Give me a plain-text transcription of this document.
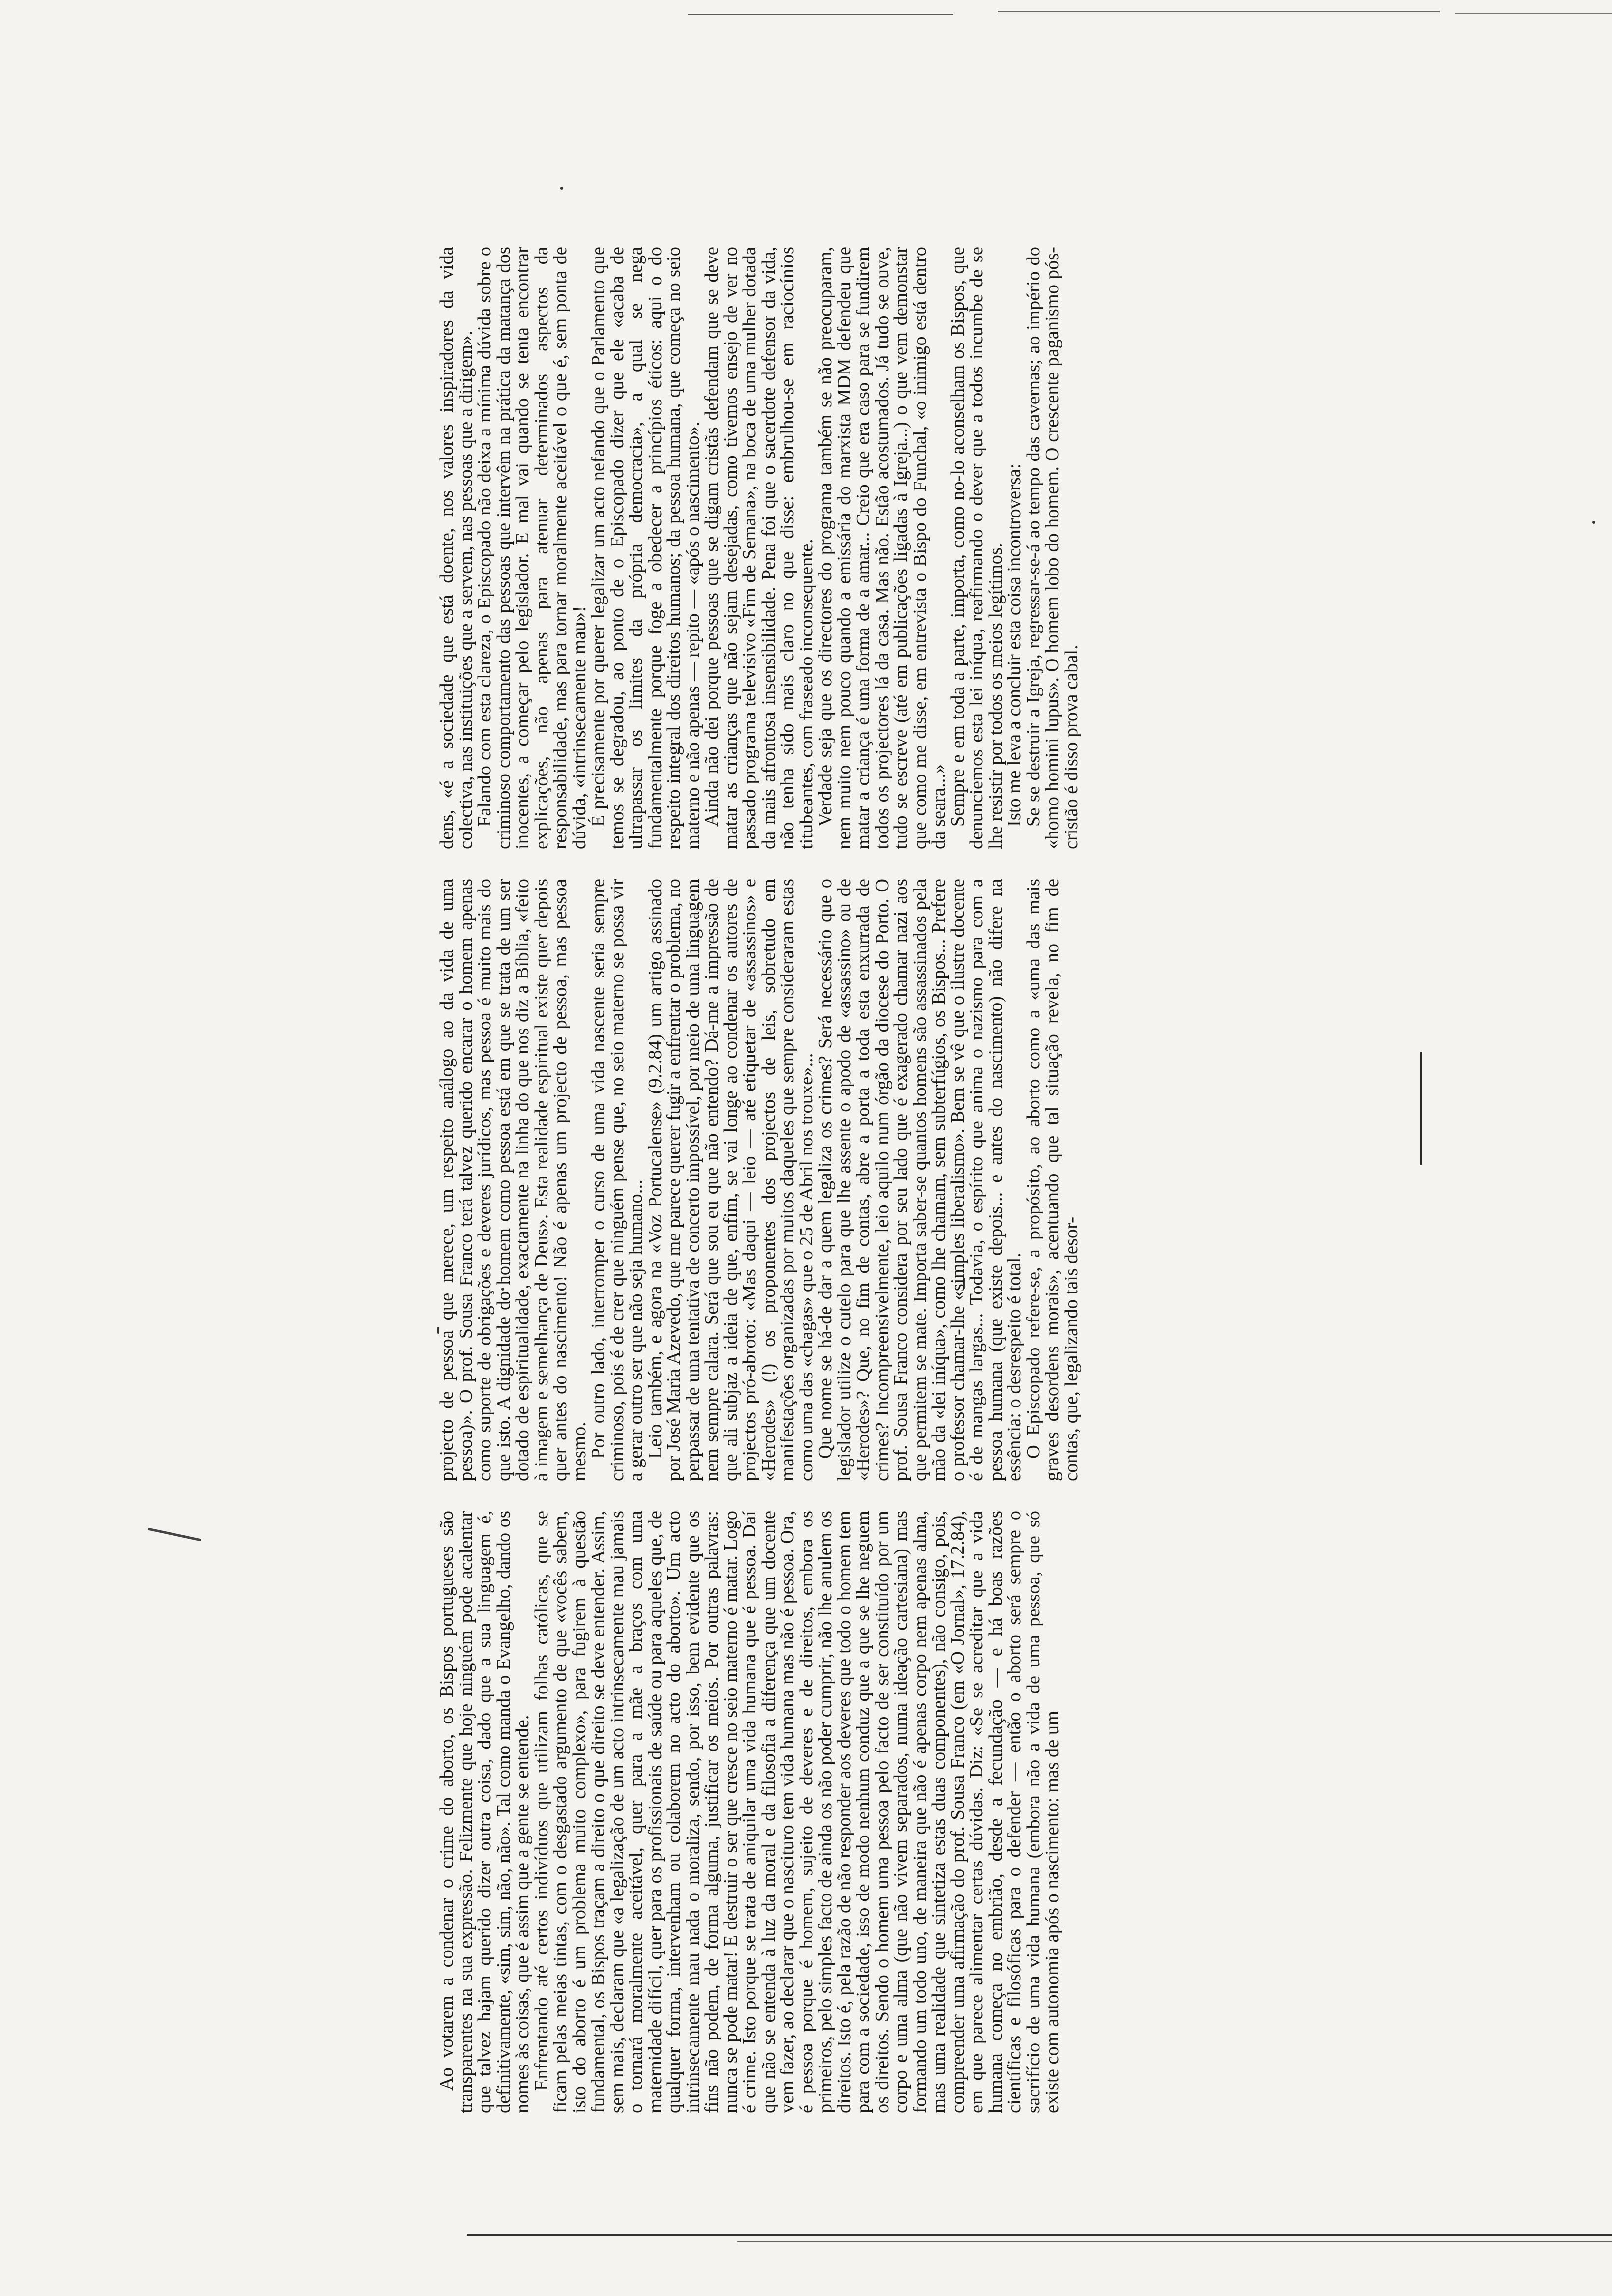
Ao votarem a condenar o crime do aborto, os Bispos portugueses são transparentes na sua expressão. Felizmente que hoje ninguém pode acalentar que talvez hajam querido dizer outra coisa, dado que a sua linguagem é, definitivamente, «sim, sim, não, não». Tal como manda o Evangelho, dando os nomes às coisas, que é assim que a gente se entende.

Enfrentando até certos indivíduos que utilizam folhas católicas, que se ficam pelas meias tintas, com o desgastado argumento de que «vocês sabem, isto do aborto é um problema muito complexo», para fugirem à questão fundamental, os Bispos traçam a direito o que direito se deve entender. Assim, sem mais, declaram que «a legalização de um acto intrinsecamente mau jamais o tornará moralmente aceitável, quer para a mãe a braços com uma maternidade difícil, quer para os profissionais de saúde ou para aqueles que, de qualquer forma, intervenham ou colaborem no acto do aborto». Um acto intrinsecamente mau nada o moraliza, sendo, por isso, bem evidente que os fins não podem, de forma alguma, justificar os meios. Por outras palavras: nunca se pode matar! E destruir o ser que cresce no seio materno é matar. Logo é crime. Isto porque se trata de aniquilar uma vida humana que é pessoa. Daí que não se entenda à luz da moral e da filosofia a diferença que um docente vem fazer, ao declarar que o nascituro tem vida humana mas não é pessoa. Ora, é pessoa porque é homem, sujeito de deveres e de direitos, embora os primeiros, pelo simples facto de ainda os não poder cumprir, não lhe anulem os direitos. Isto é, pela razão de não responder aos deveres que todo o homem tem para com a sociedade, isso de modo nenhum conduz que a que se lhe neguem os direitos. Sendo o homem uma pessoa pelo facto de ser constituído por um corpo e uma alma (que não vivem separados, numa ideação cartesiana) mas formando um todo uno, de maneira que não é apenas corpo nem apenas alma, mas uma realidade que sintetiza estas duas componentes), não consigo, pois, compreender uma afirmação do prof. Sousa Franco (em «O Jornal», 17.2.84), em que parece alimentar certas dúvidas. Diz: «Se se acreditar que a vida humana começa no embrião, desde a fecundação — e há boas razões científicas e filosóficas para o defender — então o aborto será sempre o sacrifício de uma vida humana (embora não a vida de uma pessoa, que só existe com autonomia após o nascimento: mas de um

projecto de pessoa que merece, um respeito análogo ao da vida de uma pessoa)». O prof. Sousa Franco terá talvez querido encarar o homem apenas como suporte de obrigações e deveres jurídicos, mas pessoa é muito mais do que isto. A dignidade do homem como pessoa está em que se trata de um ser dotado de espiritualidade, exactamente na linha do que nos diz a Bíblia, «feito à imagem e semelhança de Deus». Esta realidade espiritual existe quer depois quer antes do nascimento! Não é apenas um projecto de pessoa, mas pessoa mesmo.

Por outro lado, interromper o curso de uma vida nascente seria sempre criminoso, pois é de crer que ninguém pense que, no seio materno se possa vir a gerar outro ser que não seja humano...

Leio também, e agora na «Voz Portucalense» (9.2.84) um artigo assinado por José Maria Azevedo, que me parece querer fugir a enfrentar o problema, no perpassar de uma tentativa de concerto impossível, por meio de uma linguagem nem sempre calara. Será que sou eu que não entendo? Dá-me a impressão de que ali subjaz a ideia de que, enfim, se vai longe ao condenar os autores de projectos pró-abroto: «Mas daqui — leio — até etiquetar de «assassinos» e «Herodes» (!) os proponentes dos projectos de leis, sobretudo em manifestações organizadas por muitos daqueles que sempre consideraram estas como uma das «chagas» que o 25 de Abril nos trouxe»...

Que nome se há-de dar a quem legaliza os crimes? Será necessário que o legislador utilize o cutelo para que lhe assente o apodo de «assassino» ou de «Herodes»? Que, no fim de contas, abre a porta a toda esta enxurrada de crimes? Incompreensivelmente, leio aquilo num órgão da diocese do Porto. O prof. Sousa Franco considera por seu lado que é exagerado chamar nazi aos que permitem se mate. Importa saber-se quantos homens são assassinados pela mão da «lei iníqua», como lhe chamam, sem subterfúgios, os Bispos... Prefere o professor chamar-lhe «simples liberalismo». Bem se vê que o ilustre docente é de mangas largas... Todavia, o espírito que anima o nazismo para com a pessoa humana (que existe depois... e antes do nascimento) não difere na essência: o desrespeito é total.

O Episcopado refere-se, a propósito, ao aborto como a «uma das mais graves desordens morais», acentuando que tal situação revela, no fim de contas, que, legalizando tais desor-

dens, «é a sociedade que está doente, nos valores inspiradores da vida colectiva, nas instituições que a servem, nas pessoas que a dirigem».

Falando com esta clareza, o Episcopado não deixa a mínima dúvida sobre o criminoso comportamento das pessoas que intervêm na prática da matança dos inocentes, a começar pelo legislador. E mal vai quando se tenta encontrar explicações, não apenas para atenuar determinados aspectos da responsabilidade, mas para tornar moralmente aceitável o que é, sem ponta de dúvida, «intrinsecamente mau»!

É precisamente por querer legalizar um acto nefando que o Parlamento que temos se degradou, ao ponto de o Episcopado dizer que ele «acaba de ultrapassar os limites da própria democracia», a qual se nega fundamentalmente porque foge a obedecer a princípios éticos: aqui o do respeito integral dos direitos humanos; da pessoa humana, que começa no seio materno e não apenas — repito — «após o nascimento».

Ainda não dei porque pessoas que se digam cristãs defendam que se deve matar as crianças que não sejam desejadas, como tivemos ensejo de ver no passado programa televisivo «Fim de Semana», na boca de uma mulher dotada da mais afrontosa insensibilidade. Pena foi que o sacerdote defensor da vida, não tenha sido mais claro no que disse: embrulhou-se em raciocínios titubeantes, com fraseado inconsequente.

Verdade seja que os directores do programa também se não preocuparam, nem muito nem pouco quando a emissária do marxista MDM defendeu que matar a criança é uma forma de a amar... Creio que era caso para se fundirem todos os projectores lá da casa. Mas não. Estão acostumados. Já tudo se ouve, tudo se escreve (até em publicações ligadas à Igreja...) o que vem demonstar que como me disse, em entrevista o Bispo do Funchal, «o inimigo está dentro da seara...»

Sempre e em toda a parte, importa, como no-lo aconselham os Bispos, que denunciemos esta lei iníqua, reafirmando o dever que a todos incumbe de se lhe resistir por todos os meios legítimos.

Isto me leva a concluir esta coisa incontroversa:

Se se destruir a Igreja, regressar-se-á ao tempo das cavernas; ao império do «homo homini lupus». O homem lobo do homem. O crescente paganismo pós-cristão é disso prova cabal.
